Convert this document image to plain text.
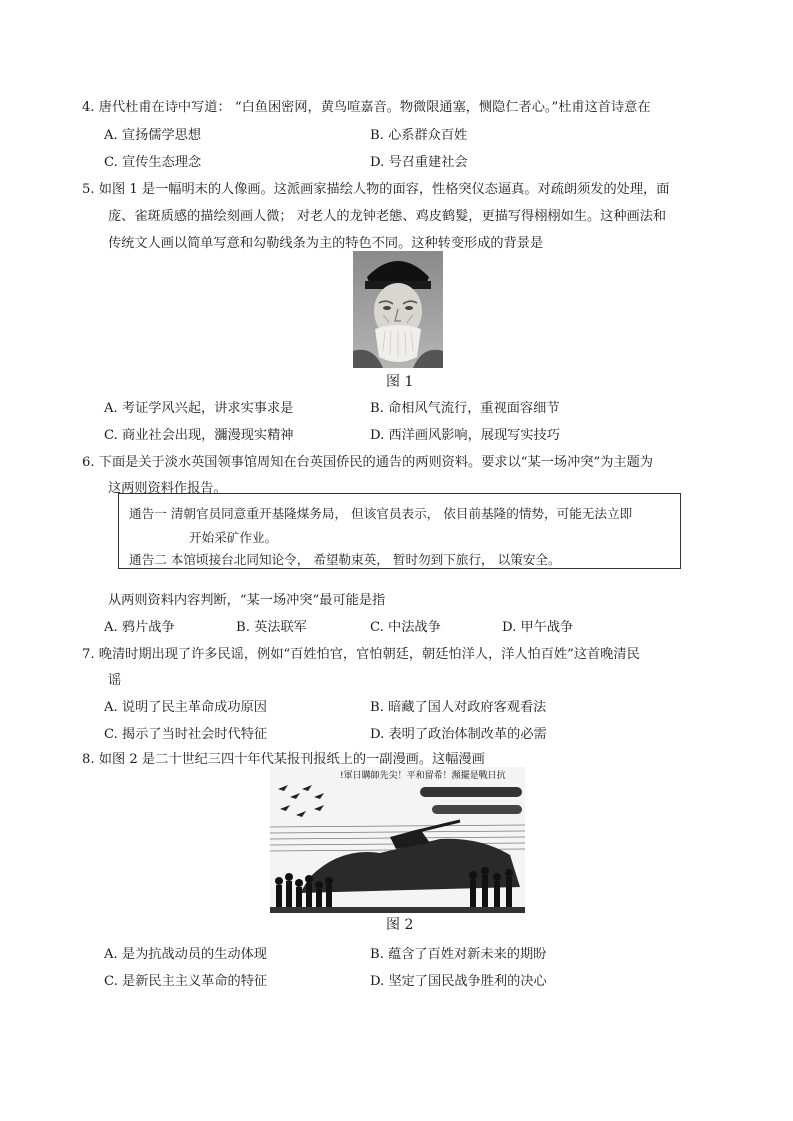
4. 唐代杜甫在诗中写道： “白鱼困密网，黄鸟喧嘉音。物微限通塞，恻隐仁者心。”杜甫这首诗意在
A. 宣扬儒学思想	B. 心系群众百姓
C. 宣传生态理念	D. 号召重建社会
5. 如图 1 是一幅明末的人像画。这派画家描绘人物的面容，性格突仪态逼真。对疏朗须发的处理，面
庞、雀斑质感的描绘刻画人微； 对老人的龙钟老態、鸡皮鹤髮，更描写得栩栩如生。这种画法和
传统文人画以简单写意和勾勒线条为主的特色不同。这种转变形成的背景是
图 1
A. 考证学风兴起，讲求实事求是	B. 命相风气流行，重视面容细节
C. 商业社会出现，瀰漫现实精神	D. 西洋画风影响，展现写实技巧
6. 下面是关于淡水英国领事馆周知在台英国侨民的通告的两则资料。要求以“某一场冲突”为主题为
这两则资料作报告。
通告一 清朝官员同意重开基隆煤务局， 但该官员表示， 依目前基隆的情势，可能无法立即
开始采矿作业。
通告二 本馆顷接台北同知论令， 希望勒束英， 暂时勿到下旅行， 以策安全。
从两则资料内容判断，“某一场冲突”最可能是指
A. 鸦片战争	B. 英法联军	C. 中法战争	D. 甲午战争
7. 晚清时期出现了许多民谣，例如“百姓怕官，官怕朝廷，朝廷怕洋人，洋人怕百姓”这首晚清民
谣
A. 说明了民主革命成功原因	B. 暗藏了国人对政府客观看法
C. 揭示了当时社会时代特征	D. 表明了政治体制改革的必需
8. 如图 2 是二十世纪三四十年代某报刊报纸上的一副漫画。这幅漫画
!軍日購師先尖！平和留希！瀕擺是戰日抗
图 2
A. 是为抗战动员的生动体现	B. 蕴含了百姓对新未来的期盼
C. 是新民主主义革命的特征	D. 坚定了国民战争胜利的决心
